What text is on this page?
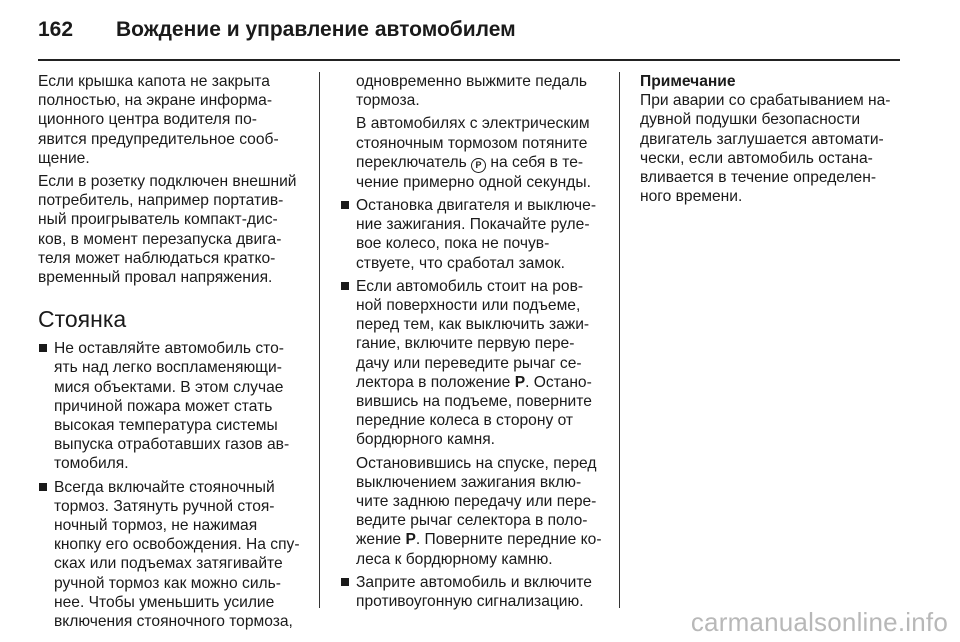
162 Вождение и управление автомобилем
Если крышка капота не закрыта
полностью, на экране информа-
ционного центра водителя по-
явится предупредительное сооб-
щение.
Если в розетку подключен внешний
потребитель, например портатив-
ный проигрыватель компакт-дис-
ков, в момент перезапуска двига-
теля может наблюдаться кратко-
временный провал напряжения.
Стоянка
Не оставляйте автомобиль сто-
ять над легко воспламеняющи-
мися объектами. В этом случае
причиной пожара может стать
высокая температура системы
выпуска отработавших газов ав-
томобиля.
Всегда включайте стояночный
тормоз. Затянуть ручной стоя-
ночный тормоз, не нажимая
кнопку его освобождения. На спу-
сках или подъемах затягивайте
ручной тормоз как можно силь-
нее. Чтобы уменьшить усилие
включения стояночного тормоза,
одновременно выжмите педаль
тормоза.
В автомобилях с электрическим
стояночным тормозом потяните
переключатель P на себя в те-
чение примерно одной секунды.
Остановка двигателя и выключе-
ние зажигания. Покачайте руле-
вое колесо, пока не почув-
ствуете, что сработал замок.
Если автомобиль стоит на ров-
ной поверхности или подъеме,
перед тем, как выключить зажи-
гание, включите первую пере-
дачу или переведите рычаг се-
лектора в положение P. Остано-
вившись на подъеме, поверните
передние колеса в сторону от
бордюрного камня.
Остановившись на спуске, перед
выключением зажигания вклю-
чите заднюю передачу или пере-
ведите рычаг селектора в поло-
жение P. Поверните передние ко-
леса к бордюрному камню.
Заприте автомобиль и включите
противоугонную сигнализацию.
Примечание
При аварии со срабатыванием на-
дувной подушки безопасности
двигатель заглушается автомати-
чески, если автомобиль остана-
вливается в течение определен-
ного времени.
carmanualsonline.info
